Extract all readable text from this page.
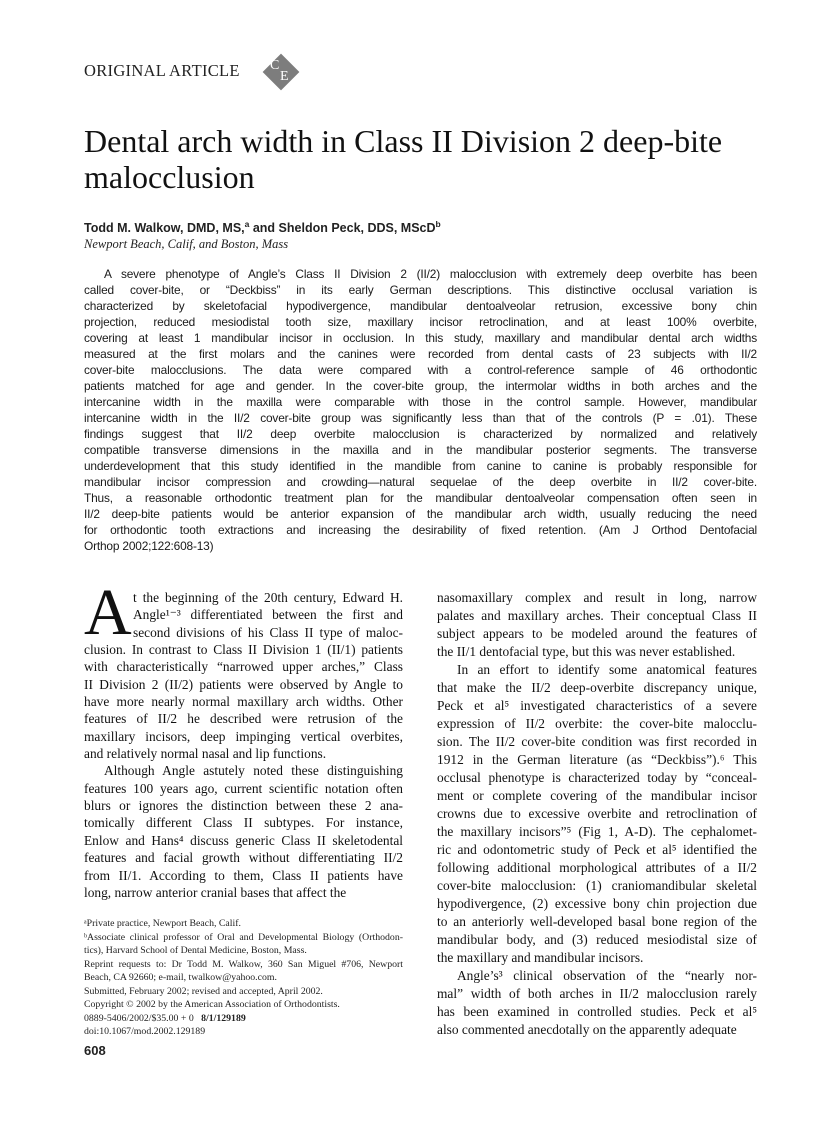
ORIGINAL ARTICLE C
E
Dental arch width in Class II Division 2 deep-bite malocclusion
Todd M. Walkow, DMD, MS,$^a$ and Sheldon Peck, DDS, MScD$^b$
Newport Beach, Calif, and Boston, Mass
A severe phenotype of Angle’s Class II Division 2 (II/2) malocclusion with extremely deep overbite has been
called cover-bite, or “Deckbiss” in its early German descriptions. This distinctive occlusal variation is
characterized by skeletofacial hypodivergence, mandibular dentoalveolar retrusion, excessive bony chin
projection, reduced mesiodistal tooth size, maxillary incisor retroclination, and at least 100% overbite,
covering at least 1 mandibular incisor in occlusion. In this study, maxillary and mandibular dental arch widths
measured at the first molars and the canines were recorded from dental casts of 23 subjects with II/2
cover-bite malocclusions. The data were compared with a control-reference sample of 46 orthodontic
patients matched for age and gender. In the cover-bite group, the intermolar widths in both arches and the
intercanine width in the maxilla were comparable with those in the control sample. However, mandibular
intercanine width in the II/2 cover-bite group was significantly less than that of the controls (P = .01). These
findings suggest that II/2 deep overbite malocclusion is characterized by normalized and relatively
compatible transverse dimensions in the maxilla and in the mandibular posterior segments. The transverse
underdevelopment that this study identified in the mandible from canine to canine is probably responsible for
mandibular incisor compression and crowding—natural sequelae of the deep overbite in II/2 cover-bite.
Thus, a reasonable orthodontic treatment plan for the mandibular dentoalveolar compensation often seen in
II/2 deep-bite patients would be anterior expansion of the mandibular arch width, usually reducing the need
for orthodontic tooth extractions and increasing the desirability of fixed retention. (Am J Orthod Dentofacial
Orthop 2002;122:608-13)
A t the beginning of the 20th century, Edward H.
Angle¹⁻³ differentiated between the first and
second divisions of his Class II type of maloc-
clusion. In contrast to Class II Division 1 (II/1) patients
with characteristically “narrowed upper arches,” Class
II Division 2 (II/2) patients were observed by Angle to
have more nearly normal maxillary arch widths. Other
features of II/2 he described were retrusion of the
maxillary incisors, deep impinging vertical overbites,
and relatively normal nasal and lip functions.
Although Angle astutely noted these distinguishing
features 100 years ago, current scientific notation often
blurs or ignores the distinction between these 2 ana-
tomically different Class II subtypes. For instance,
Enlow and Hans⁴ discuss generic Class II skeletodental
features and facial growth without differentiating II/2
from II/1. According to them, Class II patients have
long, narrow anterior cranial bases that affect the
nasomaxillary complex and result in long, narrow
palates and maxillary arches. Their conceptual Class II
subject appears to be modeled around the features of
the II/1 dentofacial type, but this was never established.
In an effort to identify some anatomical features
that make the II/2 deep-overbite discrepancy unique,
Peck et al⁵ investigated characteristics of a severe
expression of II/2 overbite: the cover-bite malocclu-
sion. The II/2 cover-bite condition was first recorded in
1912 in the German literature (as “Deckbiss”).⁶ This
occlusal phenotype is characterized today by “conceal-
ment or complete covering of the mandibular incisor
crowns due to excessive overbite and retroclination of
the maxillary incisors”⁵ (Fig 1, A-D). The cephalomet-
ric and odontometric study of Peck et al⁵ identified the
following additional morphological attributes of a II/2
cover-bite malocclusion: (1) craniomandibular skeletal
hypodivergence, (2) excessive bony chin projection due
to an anteriorly well-developed basal bone region of the
mandibular body, and (3) reduced mesiodistal size of
the maxillary and mandibular incisors.
Angle’s³ clinical observation of the “nearly nor-
mal” width of both arches in II/2 malocclusion rarely
has been examined in controlled studies. Peck et al⁵
also commented anecdotally on the apparently adequate
ᵃPrivate practice, Newport Beach, Calif.
ᵇAssociate clinical professor of Oral and Developmental Biology (Orthodon-
tics), Harvard School of Dental Medicine, Boston, Mass.
Reprint requests to: Dr Todd M. Walkow, 360 San Miguel #706, Newport
Beach, CA 92660; e-mail, twalkow@yahoo.com.
Submitted, February 2002; revised and accepted, April 2002.
Copyright © 2002 by the American Association of Orthodontists.
0889-5406/2002/$35.00 + 0 8/1/129189
doi:10.1067/mod.2002.129189
608
